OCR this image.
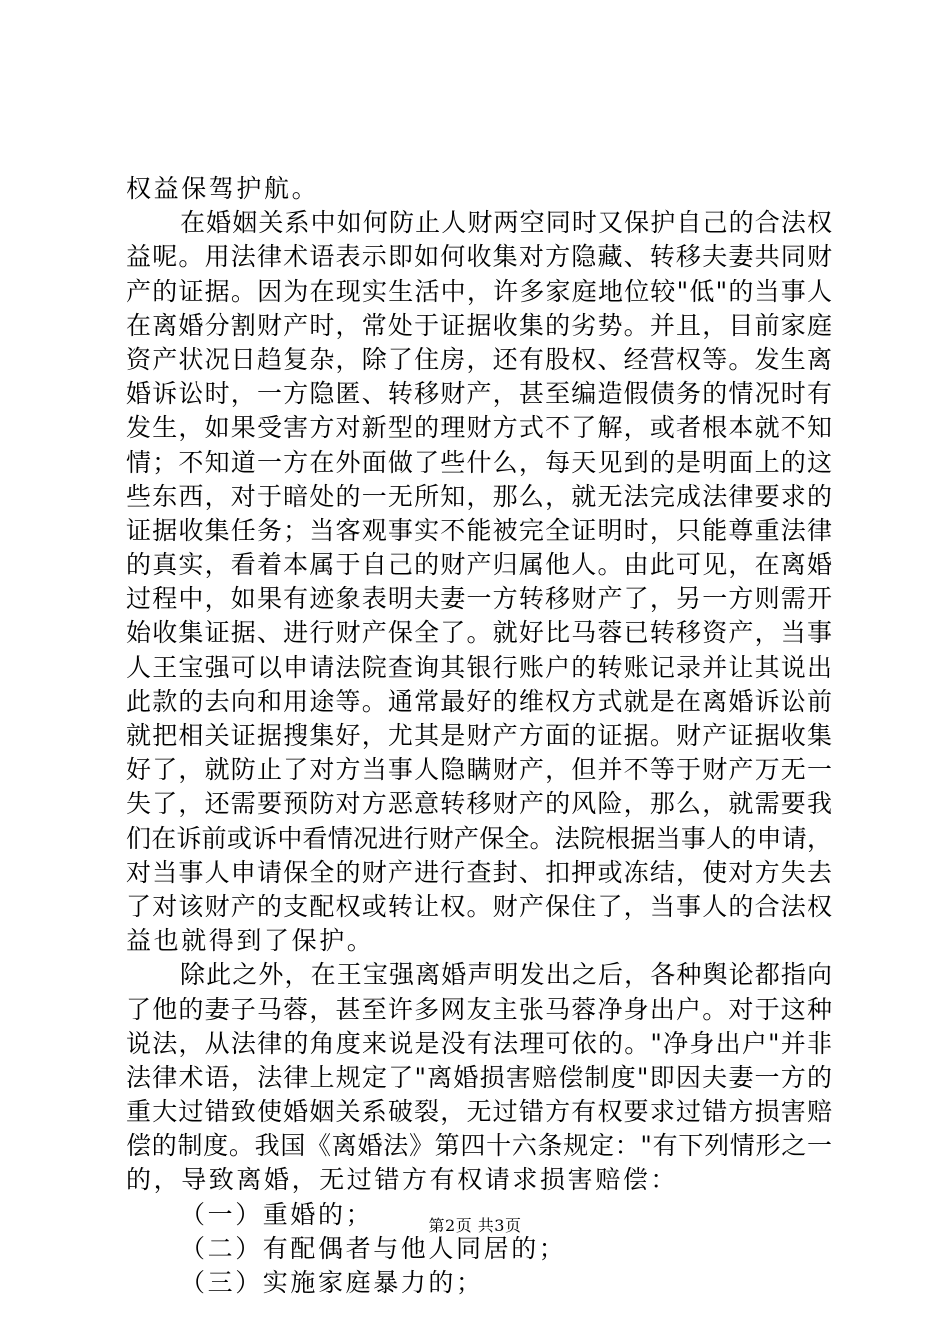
权益保驾护航。
在婚姻关系中如何防止人财两空同时又保护自己的合法权
益呢。用法律术语表示即如何收集对方隐藏、转移夫妻共同财
产的证据。因为在现实生活中，许多家庭地位较"低"的当事人
在离婚分割财产时，常处于证据收集的劣势。并且，目前家庭
资产状况日趋复杂，除了住房，还有股权、经营权等。发生离
婚诉讼时，一方隐匿、转移财产，甚至编造假债务的情况时有
发生，如果受害方对新型的理财方式不了解，或者根本就不知
情；不知道一方在外面做了些什么，每天见到的是明面上的这
些东西，对于暗处的一无所知，那么，就无法完成法律要求的
证据收集任务；当客观事实不能被完全证明时，只能尊重法律
的真实，看着本属于自己的财产归属他人。由此可见，在离婚
过程中，如果有迹象表明夫妻一方转移财产了，另一方则需开
始收集证据、进行财产保全了。就好比马蓉已转移资产，当事
人王宝强可以申请法院查询其银行账户的转账记录并让其说出
此款的去向和用途等。通常最好的维权方式就是在离婚诉讼前
就把相关证据搜集好，尤其是财产方面的证据。财产证据收集
好了，就防止了对方当事人隐瞒财产，但并不等于财产万无一
失了，还需要预防对方恶意转移财产的风险，那么，就需要我
们在诉前或诉中看情况进行财产保全。法院根据当事人的申请，
对当事人申请保全的财产进行查封、扣押或冻结，使对方失去
了对该财产的支配权或转让权。财产保住了，当事人的合法权
益也就得到了保护。
除此之外，在王宝强离婚声明发出之后，各种舆论都指向
了他的妻子马蓉，甚至许多网友主张马蓉净身出户。对于这种
说法，从法律的角度来说是没有法理可依的。"净身出户"并非
法律术语，法律上规定了"离婚损害赔偿制度"即因夫妻一方的
重大过错致使婚姻关系破裂，无过错方有权要求过错方损害赔
偿的制度。我国《离婚法》第四十六条规定："有下列情形之一
的，导致离婚，无过错方有权请求损害赔偿：
（一）重婚的；
（二）有配偶者与他人同居的；
（三）实施家庭暴力的；
第2页 共3页
